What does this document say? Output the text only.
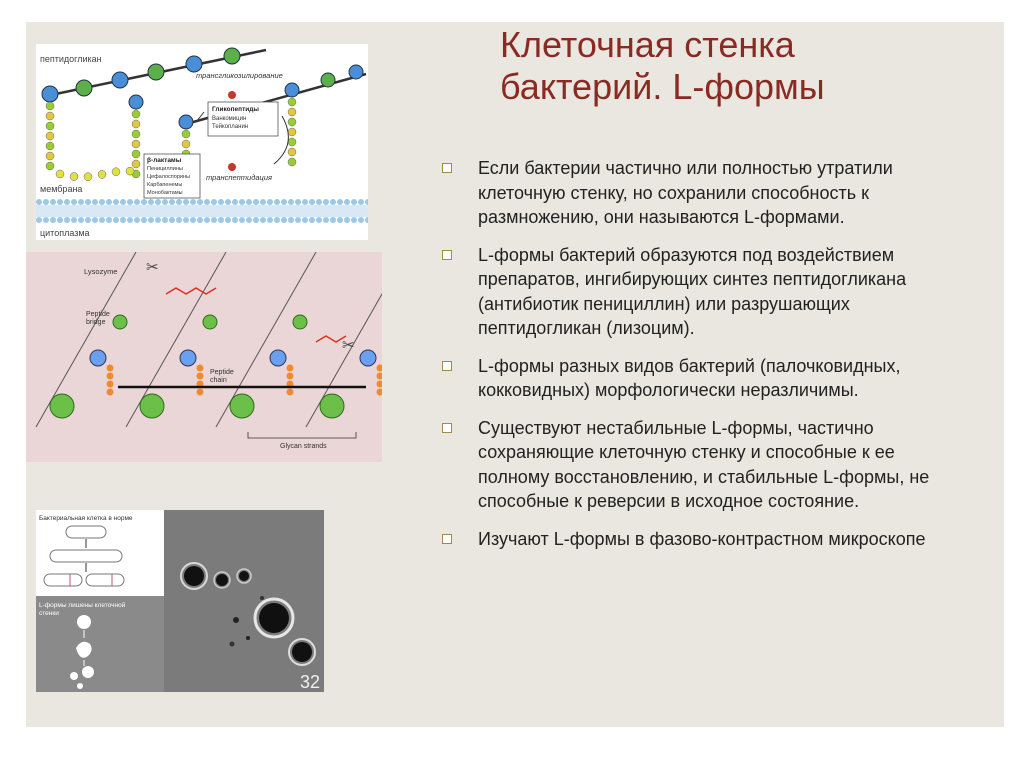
Клеточная стенка бактерий. L-формы
Если бактерии частично или полностью утратили клеточную стенку, но сохранили способность к размножению, они называются L-формами.
L-формы бактерий образуются под воздействием препаратов, ингибирующих синтез пептидогликана (антибиотик пенициллин) или разрушающих пептидогликан (лизоцим).
L-формы разных видов бактерий (палочковидных, кокковидных) морфологически неразличимы.
Существуют нестабильные L-формы, частично сохраняющие клеточную стенку и способные к ее полному восстановлению, и стабильные L-формы, не способные к реверсии в исходное состояние.
Изучают L-формы в фазово-контрастном микроскопе
пептидогликан
трансгликозилирование
транспептидация
Гликопептиды
Ванкомицин
Тейкопланин
β-лактамы
Пенициллины
Цефалоспорины
Карбапенемы
Монобактамы
мембрана
цитоплазма
Lysozyme
Peptide
bridge
Peptide
chain
Glycan strands
✂
✂
Бактериальная клетка в норме
L-формы лишены клеточной
стенки
32
